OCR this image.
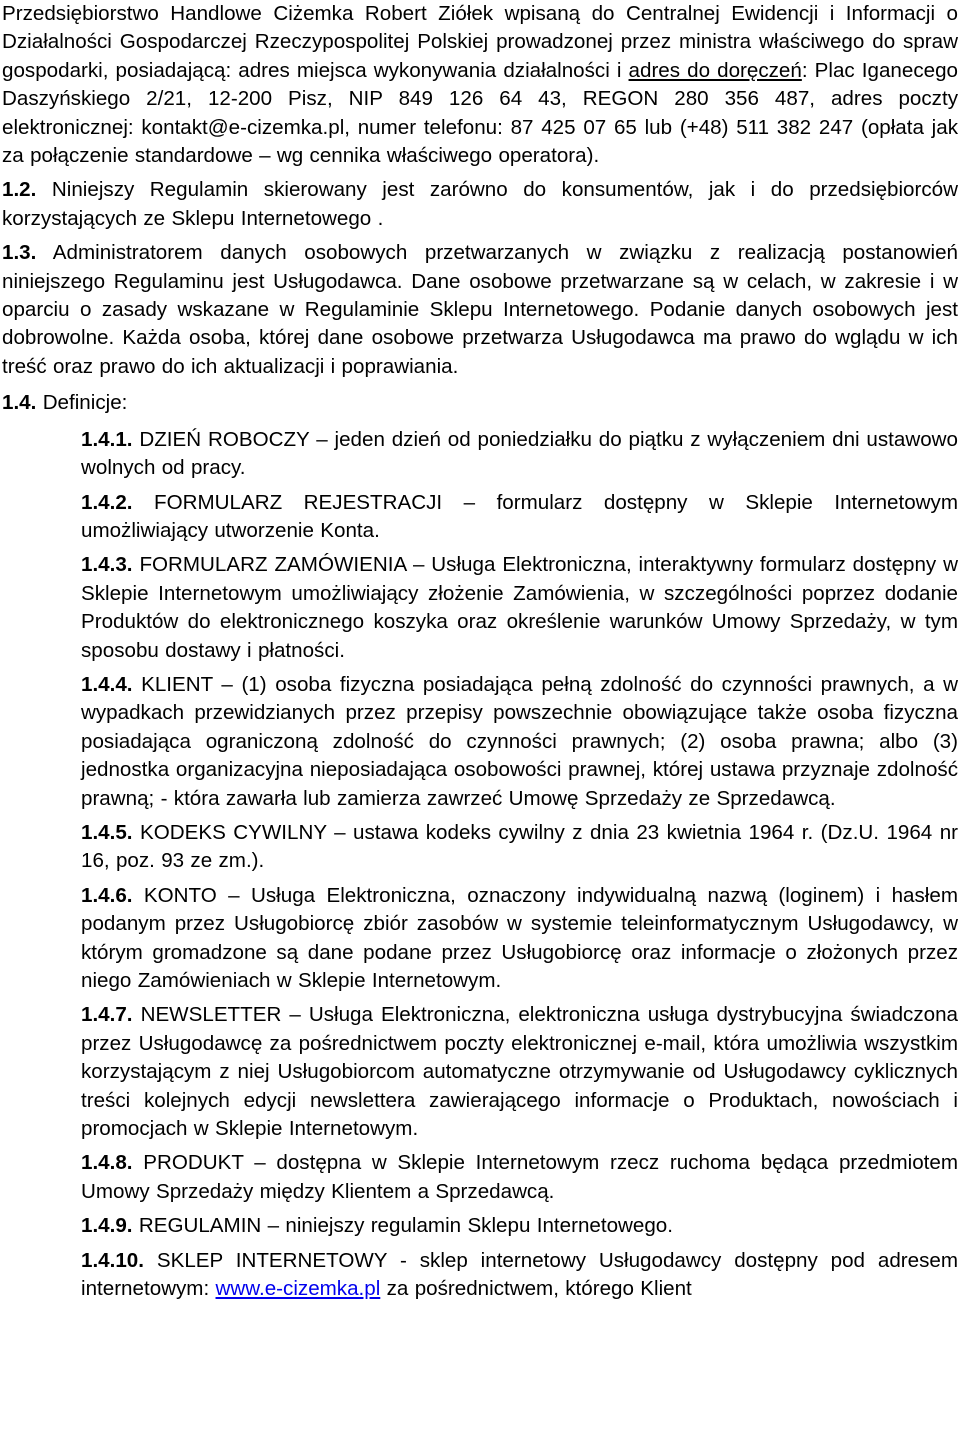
Przedsiębiorstwo Handlowe Ciżemka Robert Ziółek wpisaną do Centralnej Ewidencji i Informacji o Działalności Gospodarczej Rzeczypospolitej Polskiej prowadzonej przez ministra właściwego do spraw gospodarki, posiadającą: adres miejsca wykonywania działalności i adres do doręczeń: Plac Iganecego Daszyńskiego 2/21, 12-200 Pisz, NIP 849 126 64 43, REGON 280 356 487, adres poczty elektronicznej: kontakt@e-cizemka.pl, numer telefonu: 87 425 07 65 lub (+48) 511 382 247 (opłata jak za połączenie standardowe – wg cennika właściwego operatora).

1.2. Niniejszy Regulamin skierowany jest zarówno do konsumentów, jak i do przedsiębiorców korzystających ze Sklepu Internetowego .

1.3. Administratorem danych osobowych przetwarzanych w związku z realizacją postanowień niniejszego Regulaminu jest Usługodawca. Dane osobowe przetwarzane są w celach, w zakresie i w oparciu o zasady wskazane w Regulaminie Sklepu Internetowego. Podanie danych osobowych jest dobrowolne. Każda osoba, której dane osobowe przetwarza Usługodawca ma prawo do wglądu w ich treść oraz prawo do ich aktualizacji i poprawiania.

1.4. Definicje:

1.4.1. DZIEŃ ROBOCZY – jeden dzień od poniedziałku do piątku z wyłączeniem dni ustawowo wolnych od pracy.

1.4.2. FORMULARZ REJESTRACJI – formularz dostępny w Sklepie Internetowym umożliwiający utworzenie Konta.

1.4.3. FORMULARZ ZAMÓWIENIA – Usługa Elektroniczna, interaktywny formularz dostępny w Sklepie Internetowym umożliwiający złożenie Zamówienia, w szczególności poprzez dodanie Produktów do elektronicznego koszyka oraz określenie warunków Umowy Sprzedaży, w tym sposobu dostawy i płatności.

1.4.4. KLIENT – (1) osoba fizyczna posiadająca pełną zdolność do czynności prawnych, a w wypadkach przewidzianych przez przepisy powszechnie obowiązujące także osoba fizyczna posiadająca ograniczoną zdolność do czynności prawnych; (2) osoba prawna; albo (3) jednostka organizacyjna nieposiadająca osobowości prawnej, której ustawa przyznaje zdolność prawną; - która zawarła lub zamierza zawrzeć Umowę Sprzedaży ze Sprzedawcą.

1.4.5. KODEKS CYWILNY – ustawa kodeks cywilny z dnia 23 kwietnia 1964 r. (Dz.U. 1964 nr 16, poz. 93 ze zm.).

1.4.6. KONTO – Usługa Elektroniczna, oznaczony indywidualną nazwą (loginem) i hasłem podanym przez Usługobiorcę zbiór zasobów w systemie teleinformatycznym Usługodawcy, w którym gromadzone są dane podane przez Usługobiorcę oraz informacje o złożonych przez niego Zamówieniach w Sklepie Internetowym.

1.4.7. NEWSLETTER – Usługa Elektroniczna, elektroniczna usługa dystrybucyjna świadczona przez Usługodawcę za pośrednictwem poczty elektronicznej e-mail, która umożliwia wszystkim korzystającym z niej Usługobiorcom automatyczne otrzymywanie od Usługodawcy cyklicznych treści kolejnych edycji newslettera zawierającego informacje o Produktach, nowościach i promocjach w Sklepie Internetowym.

1.4.8. PRODUKT – dostępna w Sklepie Internetowym rzecz ruchoma będąca przedmiotem Umowy Sprzedaży między Klientem a Sprzedawcą.

1.4.9. REGULAMIN – niniejszy regulamin Sklepu Internetowego.

1.4.10. SKLEP INTERNETOWY - sklep internetowy Usługodawcy dostępny pod adresem internetowym: www.e-cizemka.pl za pośrednictwem, którego Klient
